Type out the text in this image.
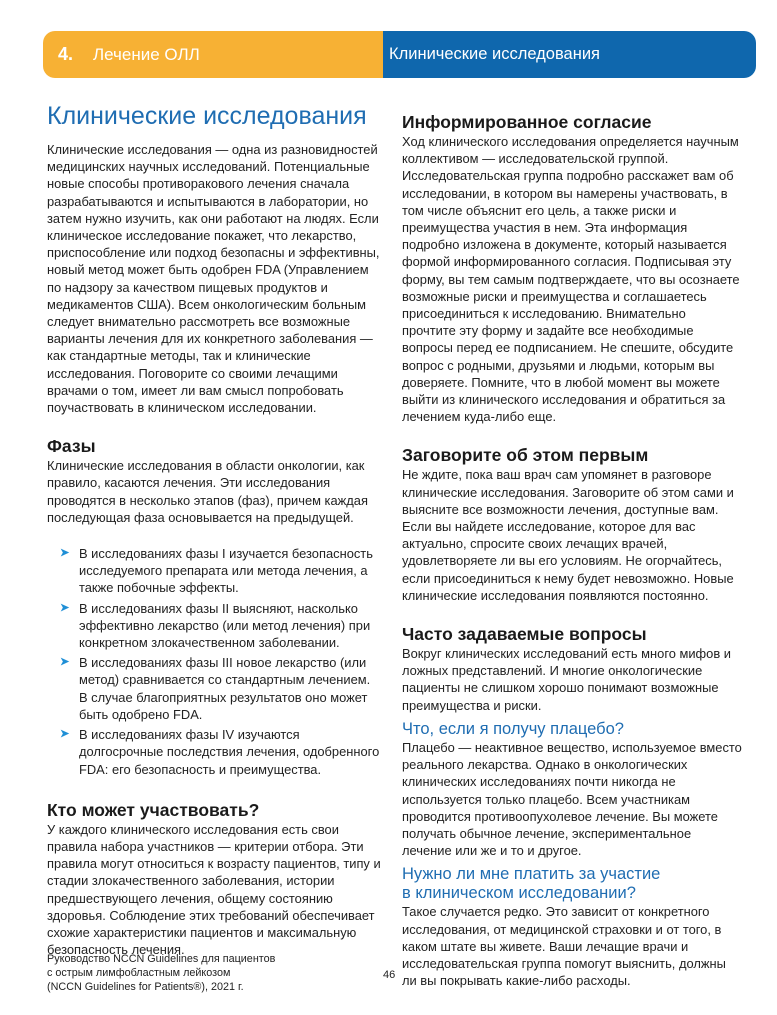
4.	Лечение ОЛЛ	Клинические исследования
Клинические исследования

Клинические исследования — одна из разновидностей медицинских научных исследований. Потенциальные новые способы противоракового лечения сначала разрабатываются и испытываются в лаборатории, но затем нужно изучить, как они работают на людях. Если клиническое исследование покажет, что лекарство, приспособление или подход безопасны и эффективны, новый метод может быть одобрен FDA (Управлением по надзору за качеством пищевых продуктов и медикаментов США). Всем онкологическим больным следует внимательно рассмотреть все возможные варианты лечения для их конкретного заболевания — как стандартные методы, так и клинические исследования. Поговорите со своими лечащими врачами о том, имеет ли вам смысл попробовать поучаствовать в клиническом исследовании.

Фазы

Клинические исследования в области онкологии, как правило, касаются лечения. Эти исследования проводятся в несколько этапов (фаз), причем каждая последующая фаза основывается на предыдущей.

➤ В исследованиях фазы I изучается безопасность исследуемого препарата или метода лечения, а также побочные эффекты.
➤ В исследованиях фазы II выясняют, насколько эффективно лекарство (или метод лечения) при конкретном злокачественном заболевании.
➤ В исследованиях фазы III новое лекарство (или метод) сравнивается со стандартным лечением. В случае благоприятных результатов оно может быть одобрено FDA.
➤ В исследованиях фазы IV изучаются долгосрочные последствия лечения, одобренного FDA: его безопасность и преимущества.
Кто может участвовать?

У каждого клинического исследования есть свои правила набора участников — критерии отбора. Эти правила могут относиться к возрасту пациентов, типу и стадии злокачественного заболевания, истории предшествующего лечения, общему состоянию здоровья. Соблюдение этих требований обеспечивает схожие характеристики пациентов и максимальную безопасность лечения.

Информированное согласие

Ход клинического исследования определяется научным коллективом — исследовательской группой. Исследовательская группа подробно расскажет вам об исследовании, в котором вы намерены участвовать, в том числе объяснит его цель, а также риски и преимущества участия в нем. Эта информация подробно изложена в документе, который называется формой информированного согласия. Подписывая эту форму, вы тем самым подтверждаете, что вы осознаете возможные риски и преимущества и соглашаетесь присоединиться к исследованию. Внимательно прочтите эту форму и задайте все необходимые вопросы перед ее подписанием. Не спешите, обсудите вопрос с родными, друзьями и людьми, которым вы доверяете. Помните, что в любой момент вы можете выйти из клинического исследования и обратиться за лечением куда-либо еще.

Заговорите об этом первым

Не ждите, пока ваш врач сам упомянет в разговоре клинические исследования. Заговорите об этом сами и выясните все возможности лечения, доступные вам. Если вы найдете исследование, которое для вас актуально, спросите своих лечащих врачей, удовлетворяете ли вы его условиям. Не огорчайтесь, если присоединиться к нему будет невозможно. Новые клинические исследования появляются постоянно.

Часто задаваемые вопросы

Вокруг клинических исследований есть много мифов и ложных представлений. И многие онкологические пациенты не слишком хорошо понимают возможные преимущества и риски.

Что, если я получу плацебо?

Плацебо — неактивное вещество, используемое вместо реального лекарства. Однако в онкологических клинических исследованиях почти никогда не используется только плацебо. Всем участникам проводится противоопухолевое лечение. Вы можете получать обычное лечение, экспериментальное лечение или же и то и другое.

Нужно ли мне платить за участие
в клиническом исследовании?

Такое случается редко. Это зависит от конкретного исследования, от медицинской страховки и от того, в каком штате вы живете. Ваши лечащие врачи и исследовательская группа помогут выяснить, должны ли вы покрывать какие-либо расходы.

Руководство NCCN Guidelines для пациентов
с острым лимфобластным лейкозом
(NCCN Guidelines for Patients®), 2021 г.
46
